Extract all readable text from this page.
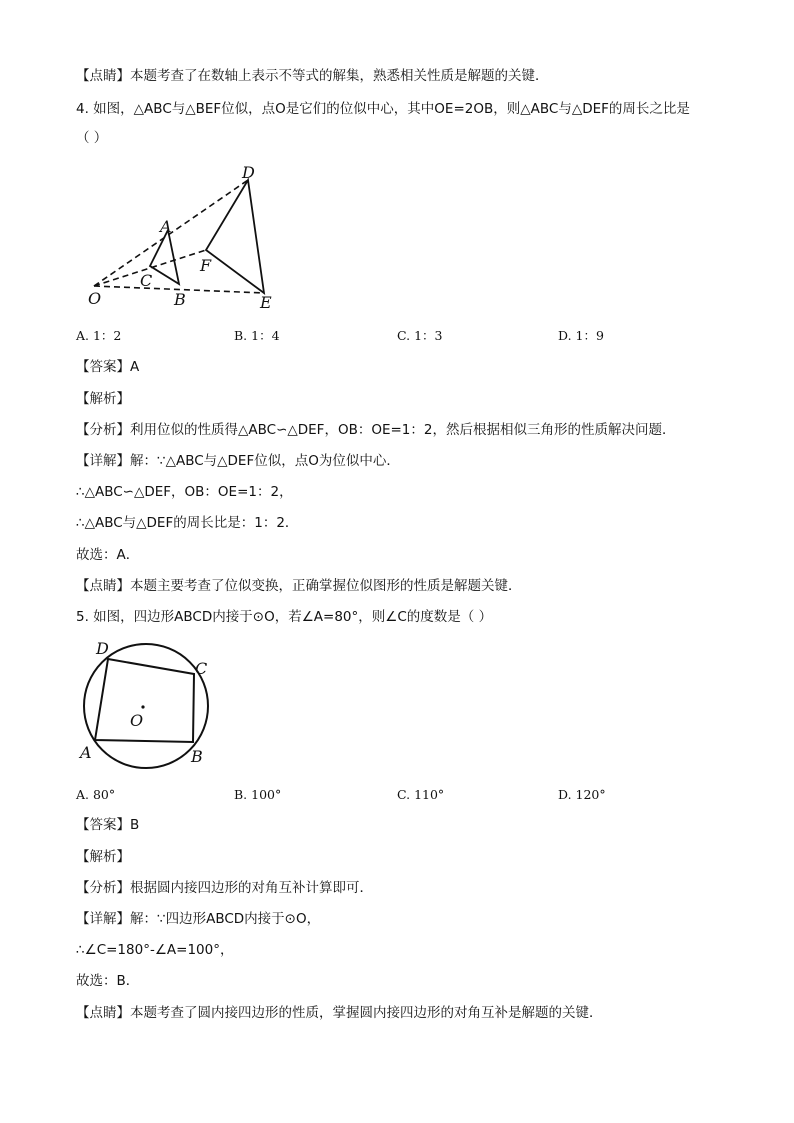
【点睛】本题考查了在数轴上表示不等式的解集，熟悉相关性质是解题的关键．
4. 如图，△ABC与△BEF位似，点O是它们的位似中心，其中OE=2OB，则△ABC与△DEF的周长之比是
（ ）
D
A
F
C
O	B	E
A. 1：2	B. 1：4	C. 1：3	D. 1：9
【答案】A
【解析】
【分析】利用位似的性质得△ABC∽△DEF，OB：OE=1：2，然后根据相似三角形的性质解决问题．
【详解】解：∵△ABC与△DEF位似，点O为位似中心．
∴△ABC∽△DEF，OB：OE=1：2，
∴△ABC与△DEF的周长比是：1：2．
故选：A．
【点睛】本题主要考查了位似变换，正确掌握位似图形的性质是解题关键．
5. 如图，四边形ABCD内接于⊙O，若∠A=80°，则∠C的度数是（ ）
D
C
O
A	B
A. 80°	B. 100°	C. 110°	D. 120°
【答案】B
【解析】
【分析】根据圆内接四边形的对角互补计算即可．
【详解】解：∵四边形ABCD内接于⊙O，
∴∠C=180°-∠A=100°，
故选：B．
【点睛】本题考查了圆内接四边形的性质，掌握圆内接四边形的对角互补是解题的关键．
